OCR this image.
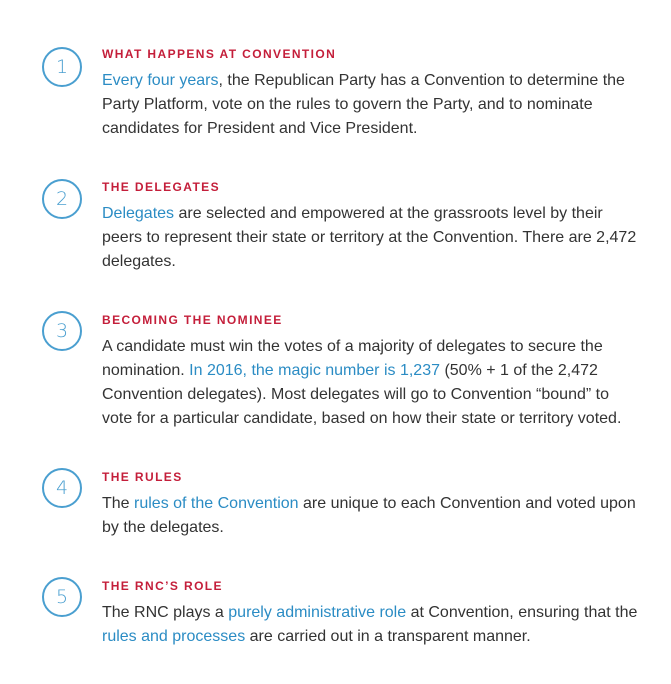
1
WHAT HAPPENS AT CONVENTION

Every four years, the Republican Party has a Convention to determine the Party Platform, vote on the rules to govern the Party, and to nominate candidates for President and Vice President.

2
THE DELEGATES

Delegates are selected and empowered at the grassroots level by their peers to represent their state or territory at the Convention. There are 2,472 delegates.

3	BECOMING THE NOMINEE

A candidate must win the votes of a majority of delegates to secure the nomination. In 2016, the magic number is 1,237 (50% + 1 of the 2,472 Convention delegates). Most delegates will go to Convention “bound” to vote for a particular candidate, based on how their state or territory voted.

4	THE RULES

The rules of the Convention are unique to each Convention and voted upon by the delegates.

5	THE RNC’S ROLE

The RNC plays a purely administrative role at Convention, ensuring that the rules and processes are carried out in a transparent manner.
